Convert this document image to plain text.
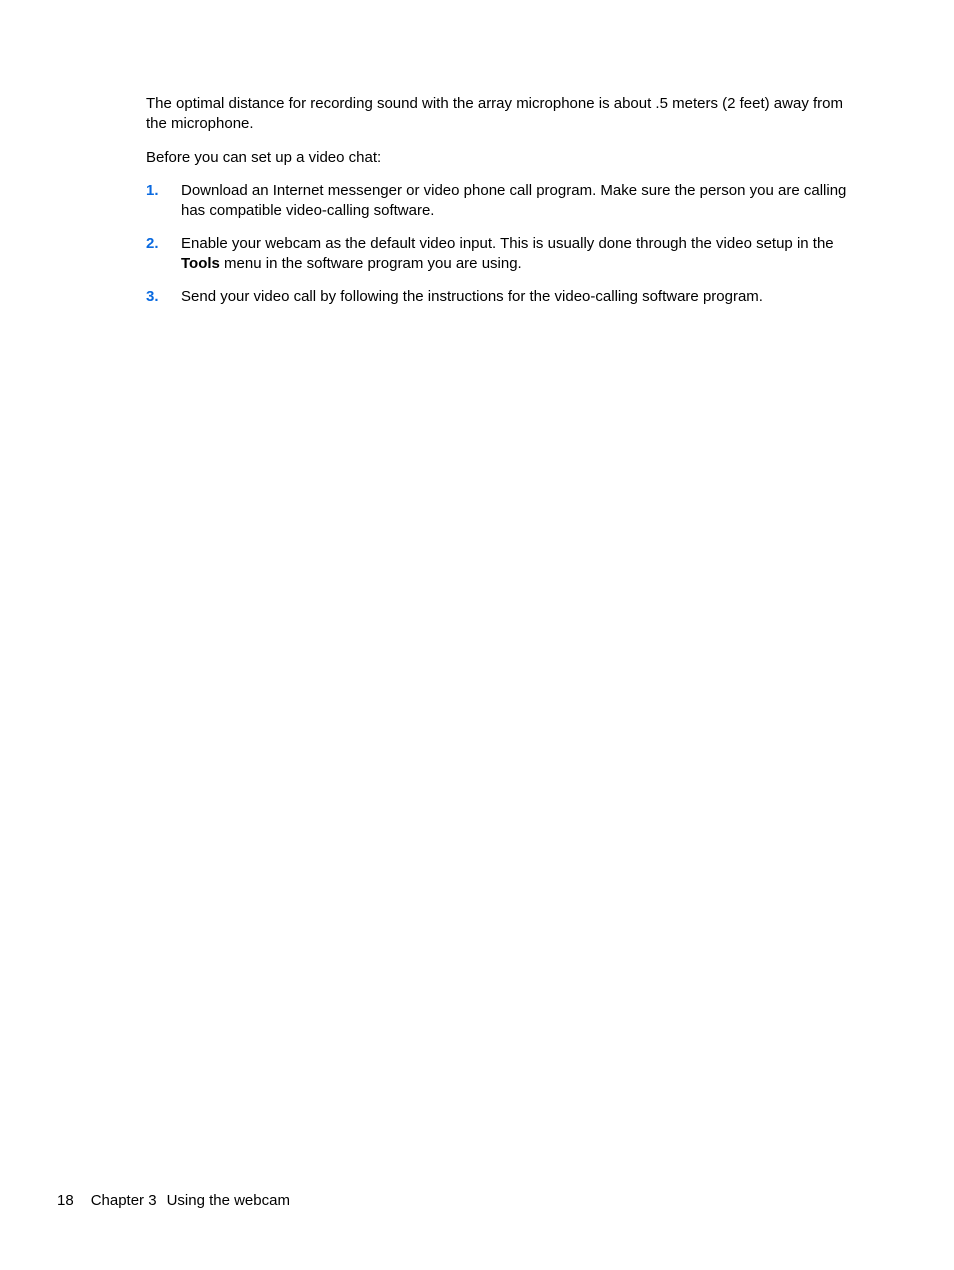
The optimal distance for recording sound with the array microphone is about .5 meters (2 feet) away from the microphone.

Before you can set up a video chat:

1. Download an Internet messenger or video phone call program. Make sure the person you are calling has compatible video-calling software.
2. Enable your webcam as the default video input. This is usually done through the video setup in the Tools menu in the software program you are using.
3. Send your video call by following the instructions for the video-calling software program.
18 Chapter 3 Using the webcam
